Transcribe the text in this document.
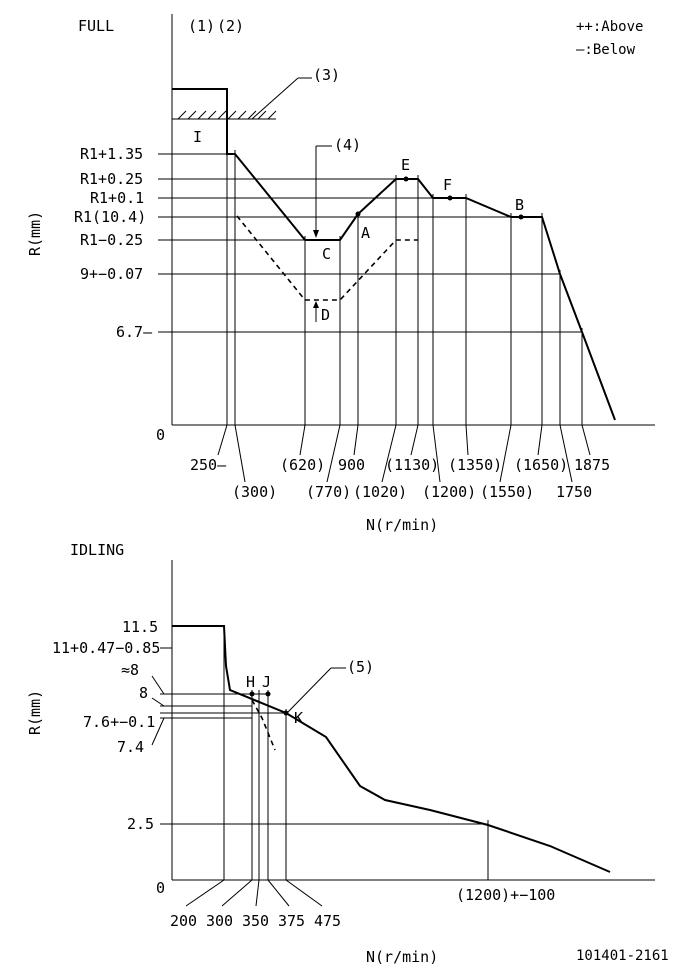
FULL	(1) (2)	++:Above
—:Below
R(mm)
0
R1+1.35
R1+0.25
R1+0.1
R1(10.4)
R1−0.25
9+−0.07
6.7—
250—
(300)
(620)
(770)
900
(1020)
(1130)
(1200)
(1350)
(1550)
(1650)
1750
1875
N(r/min)
(3)
(4)
I
A
B
C
D
E
F
IDLING
R(mm)
0
11.5
11+0.47−0.85
≈8
8
7.6+−0.1
7.4
2.5
200 300 350 375 475
(1200)+−100
N(r/min)
H J
K
(5)
101401-2161
